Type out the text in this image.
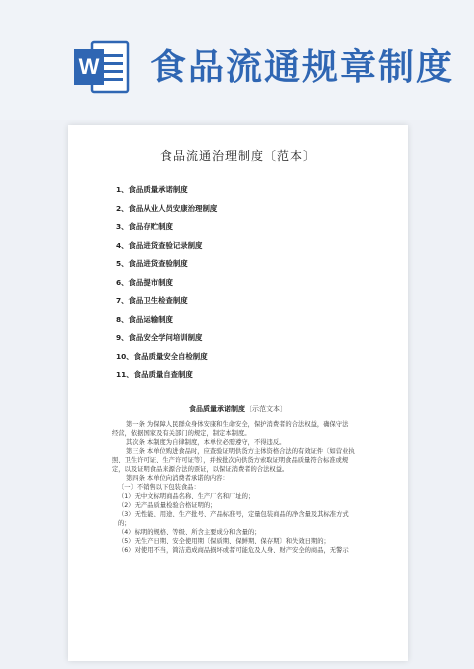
W 食品流通规章制度
食品流通治理制度〔范本〕
1、食品质量承诺制度
2、食品从业人员安康治理制度
3、食品存贮制度
4、食品进货查验记录制度
5、食品进货查验制度
6、食品提市制度
7、食品卫生检查制度
8、食品运输制度
9、食品安全学问培训制度
10、食品质量安全自检制度
11、食品质量自查制度
食品质量承诺制度〔示范文本〕
第一条 为保障人民群众身体安康和生命安全，保护消费者的合法权益，确保守法
经营，依据国家及有关部门的规定，制定本制度。
其次条 本制度为自律制度，本单位必需遵守，不得违反。
第三条 本单位购进食品时，应查验证明供货方主体资格合法的有效证件〔如营业执
照、卫生许可证、生产许可证等〕，并按批次向供货方索取证明食品质量符合标准或规
定，以及证明食品来源合法的票证，以保证消费者的合法权益。
第四条 本单位向消费者承诺的内容：
〔一〕不销售以下包装食品：
（1）无中文标明商品名称、生产厂名和厂址的；
（2）无产品质量检验合格证明的；
（3）无性能、用途、生产批号、产品标准号，定量包装商品的净含量及其标准方式
的；
（4）标明的规格、等级、所含主要成分和含量的；
（5）无生产日期、安全使用期〔保质期、保鲜期、保存期〕和失效日期的；
（6）对使用不当，简洁造成商品损坏或者可能危及人身、财产安全的商品，无警示
